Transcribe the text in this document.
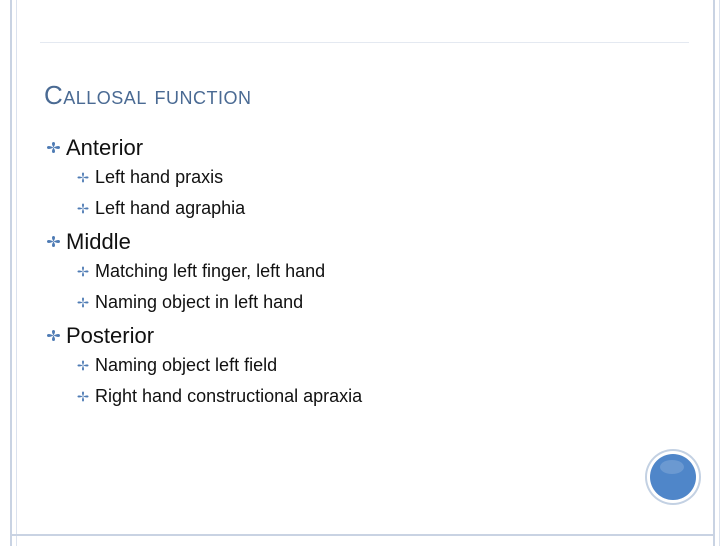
Callosal function
Anterior
Left hand praxis
Left hand agraphia
Middle
Matching left finger, left hand
Naming object in left hand
Posterior
Naming object left field
Right hand constructional apraxia
